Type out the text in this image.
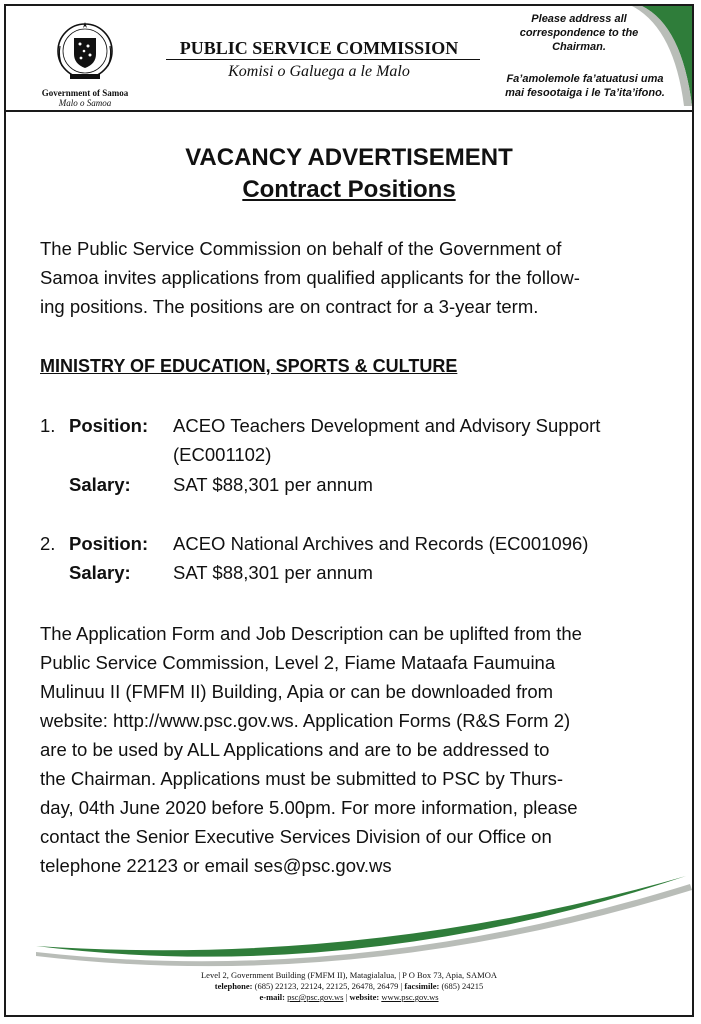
Government of Samoa
Malo o Samoa
PUBLIC SERVICE COMMISSION
Komisi o Galuega a le Malo
Please address all
correspondence to the
Chairman.
Fa’amolemole fa’atuatusi uma
mai fesootaiga i le Ta’ita’ifono.
VACANCY ADVERTISEMENT
Contract Positions
The Public Service Commission on behalf of the Government of
Samoa invites applications from qualified applicants for the follow-
ing positions. The positions are on contract for a 3-year term.
MINISTRY OF EDUCATION, SPORTS & CULTURE
1. Position: ACEO Teachers Development and Advisory Support
(EC001102)
Salary: SAT $88,301 per annum
2. Position: ACEO National Archives and Records (EC001096)
Salary: SAT $88,301 per annum
The Application Form and Job Description can be uplifted from the
Public Service Commission, Level 2, Fiame Mataafa Faumuina
Mulinuu II (FMFM II) Building, Apia or can be downloaded from
website: http://www.psc.gov.ws. Application Forms (R&S Form 2)
are to be used by ALL Applications and are to be addressed to
the Chairman. Applications must be submitted to PSC by Thurs-
day, 04th June 2020 before 5.00pm. For more information, please
contact the Senior Executive Services Division of our Office on
telephone 22123 or email ses@psc.gov.ws
Level 2, Government Building (FMFM II), Matagialalua, | P O Box 73, Apia, SAMOA
telephone: (685) 22123, 22124, 22125, 26478, 26479 | facsimile: (685) 24215
e-mail: psc@psc.gov.ws | website: www.psc.gov.ws
